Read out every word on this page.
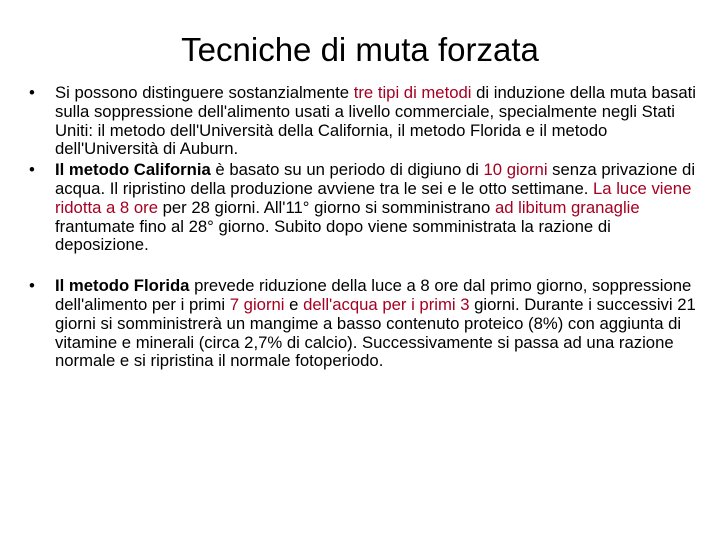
Tecniche di muta forzata
•	Si possono distinguere sostanzialmente tre tipi di metodi di induzione della muta basati sulla soppressione dell'alimento usati a livello commerciale, specialmente negli Stati Uniti: il metodo dell'Università della California, il metodo Florida e il metodo dell'Università di Auburn.
•	Il metodo California è basato su un periodo di digiuno di 10 giorni senza privazione di acqua. Il ripristino della produzione avviene tra le sei e le otto settimane. La luce viene ridotta a 8 ore per 28 giorni. All'11° giorno si somministrano ad libitum granaglie frantumate fino al 28° giorno. Subito dopo viene somministrata la razione di deposizione.
•	Il metodo Florida prevede riduzione della luce a 8 ore dal primo giorno, soppressione dell'alimento per i primi 7 giorni e dell'acqua per i primi 3 giorni. Durante i successivi 21 giorni si somministrerà un mangime a basso contenuto proteico (8%) con aggiunta di vitamine e minerali (circa 2,7% di calcio). Successivamente si passa ad una razione normale e si ripristina il normale fotoperiodo.
